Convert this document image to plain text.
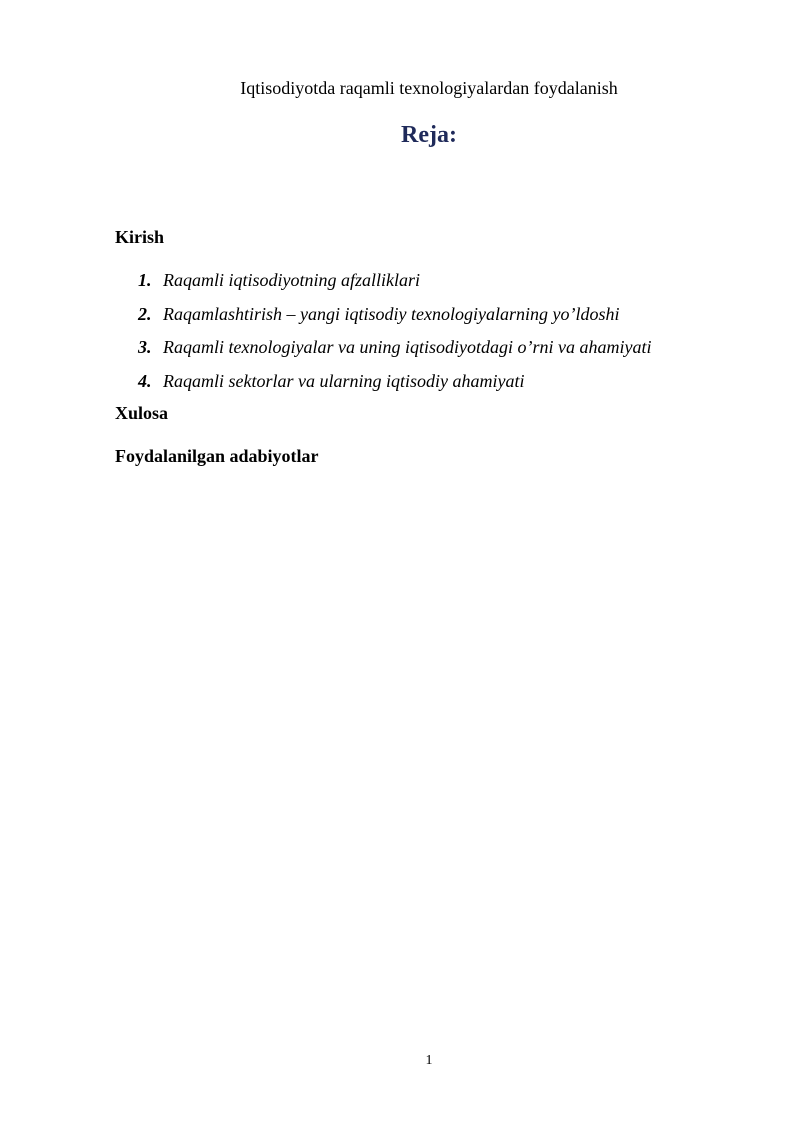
Iqtisodiyotda raqamli texnologiyalardan foydalanish
Reja:
Kirish
1. Raqamli iqtisodiyotning afzalliklari
2. Raqamlashtirish – yangi iqtisodiy texnologiyalarning yo’ldoshi
3. Raqamli texnologiyalar va uning iqtisodiyotdagi o’rni va ahamiyati
4. Raqamli sektorlar va ularning iqtisodiy ahamiyati
Xulosa
Foydalanilgan adabiyotlar
1
